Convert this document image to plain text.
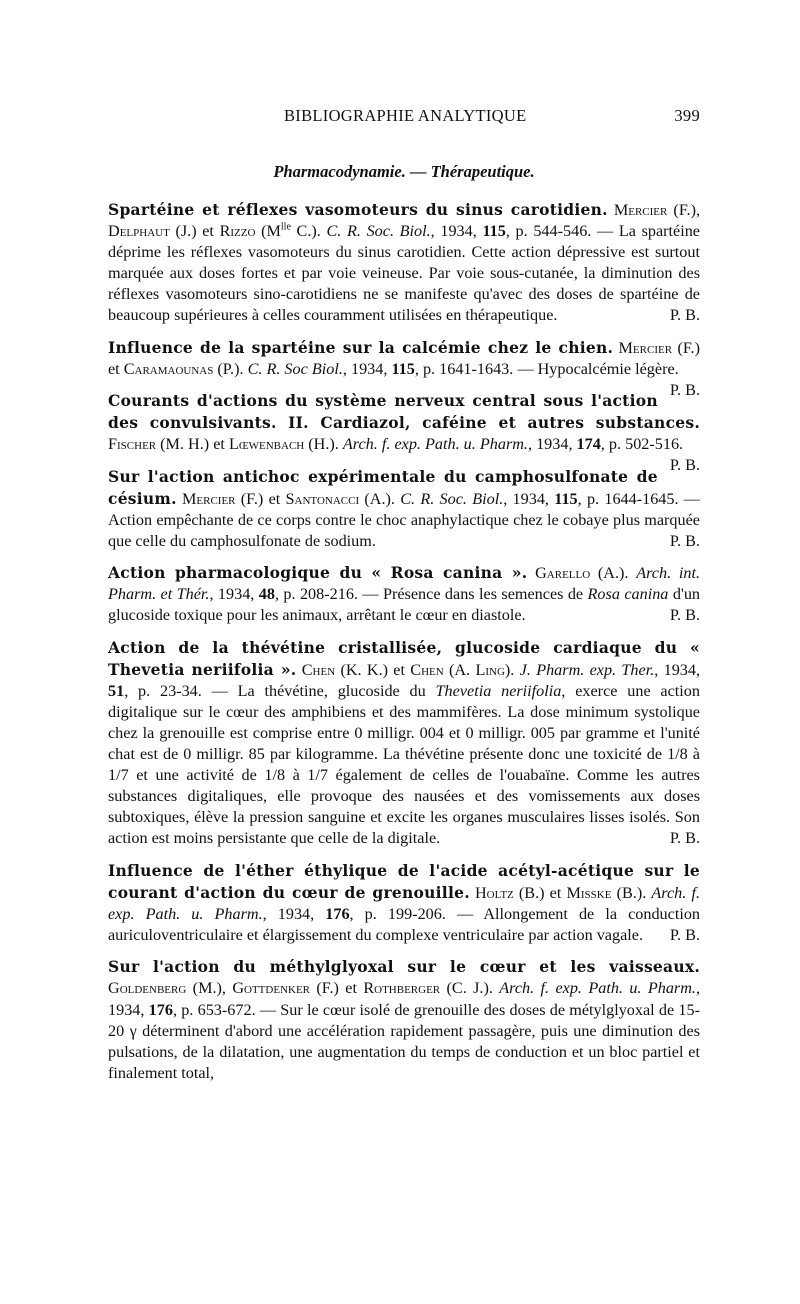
BIBLIOGRAPHIE ANALYTIQUE	399
Pharmacodynamie. — Thérapeutique.

Spartéine et réflexes vasomoteurs du sinus carotidien. Mercier (F.), Delphaut (J.) et Rizzo ($M^{lle}$ C.). C. R. Soc. Biol., 1934, 115, p. 544-546. — La spartéine déprime les réflexes vasomoteurs du sinus carotidien. Cette action dépressive est surtout marquée aux doses fortes et par voie veineuse. Par voie sous-cutanée, la diminution des réflexes vasomoteurs sino-carotidiens ne se manifeste qu'avec des doses de spartéine de beaucoup supérieures à celles couramment utilisées en thérapeutique.	P. B.

Influence de la spartéine sur la calcémie chez le chien. Mercier (F.) et Caramaounas (P.). C. R. Soc Biol., 1934, 115, p. 1641-1643. — Hypocalcémie légère.
P. B.

Courants d'actions du système nerveux central sous l'action des convulsivants. II. Cardiazol, caféine et autres substances. Fischer (M. H.) et Lœwenbach (H.). Arch. f. exp. Path. u. Pharm., 1934, 174, p. 502-516.
P. B.

Sur l'action antichoc expérimentale du camphosulfonate de césium. Mercier (F.) et Santonacci (A.). C. R. Soc. Biol., 1934, 115, p. 1644-1645. — Action empêchante de ce corps contre le choc anaphylactique chez le cobaye plus marquée que celle du camphosulfonate de sodium.	P. B.

Action pharmacologique du « Rosa canina ». Garello (A.). Arch. int. Pharm. et Thér., 1934, 48, p. 208-216. — Présence dans les semences de Rosa canina d'un glucoside toxique pour les animaux, arrêtant le cœur en diastole.	P. B.

Action de la thévétine cristallisée, glucoside cardiaque du « Thevetia neriifolia ». Chen (K. K.) et Chen (A. Ling). J. Pharm. exp. Ther., 1934, 51, p. 23-34. — La thévétine, glucoside du Thevetia neriifolia, exerce une action digitalique sur le cœur des amphibiens et des mammifères. La dose minimum systolique chez la grenouille est comprise entre 0 milligr. 004 et 0 milligr. 005 par gramme et l'unité chat est de 0 milligr. 85 par kilogramme. La thévétine présente donc une toxicité de 1/8 à 1/7 et une activité de 1/8 à 1/7 également de celles de l'ouabaïne. Comme les autres substances digitaliques, elle provoque des nausées et des vomissements aux doses subtoxiques, élève la pression sanguine et excite les organes musculaires lisses isolés. Son action est moins persistante que celle de la digitale.	P. B.

Influence de l'éther éthylique de l'acide acétyl-acétique sur le courant d'action du cœur de grenouille. Holtz (B.) et Misske (B.). Arch. f. exp. Path. u. Pharm., 1934, 176, p. 199-206. — Allongement de la conduction auriculoventriculaire et élargissement du complexe ventriculaire par action vagale.	P. B.

Sur l'action du méthylglyoxal sur le cœur et les vaisseaux. Goldenberg (M.), Gottdenker (F.) et Rothberger (C. J.). Arch. f. exp. Path. u. Pharm., 1934, 176, p. 653-672. — Sur le cœur isolé de grenouille des doses de métylglyoxal de 15-20 γ déterminent d'abord une accélération rapidement passagère, puis une diminution des pulsations, de la dilatation, une augmentation du temps de conduction et un bloc partiel et finalement total,
